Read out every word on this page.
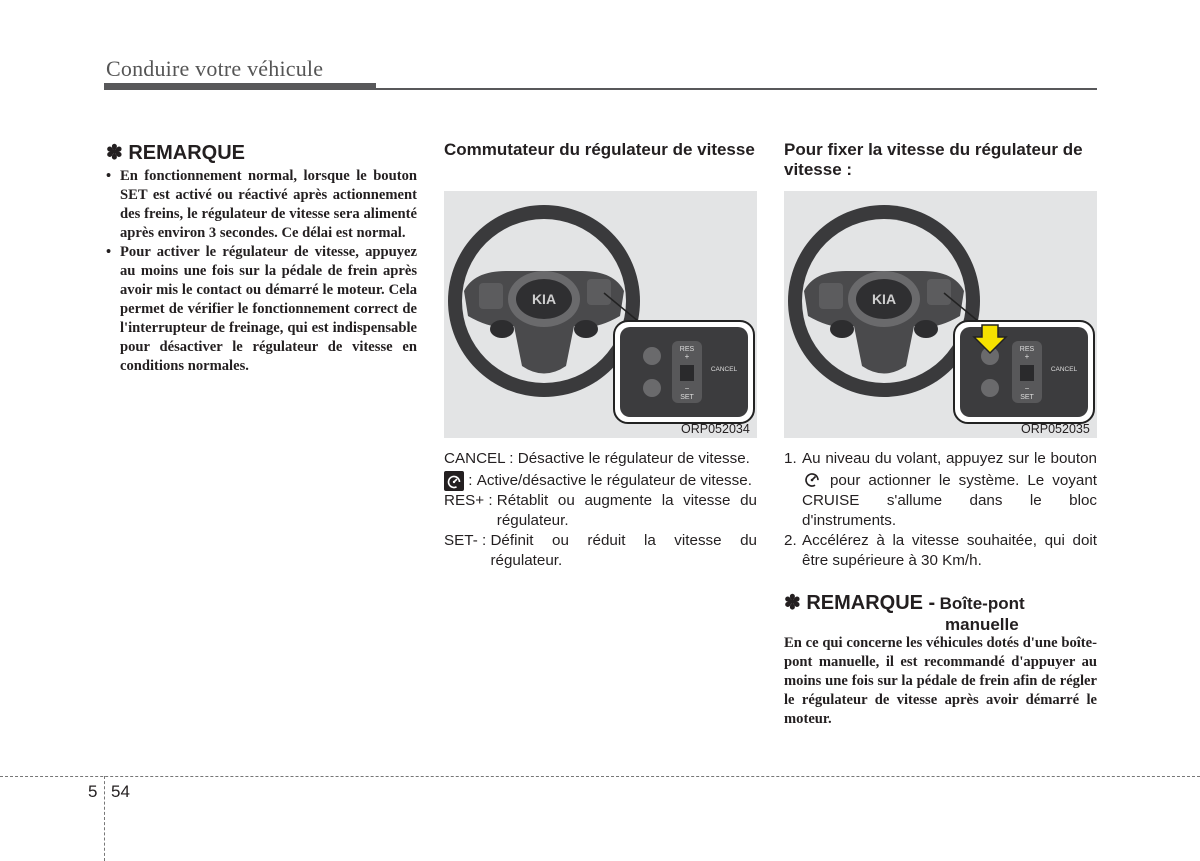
Conduire votre véhicule
✽ REMARQUE
• En fonctionnement normal, lorsque le bouton SET est activé ou réactivé après actionnement des freins, le régulateur de vitesse sera alimenté après environ 3 secondes. Ce délai est normal.
• Pour activer le régulateur de vitesse, appuyez au moins une fois sur la pédale de frein après avoir mis le contact ou démarré le moteur. Cela permet de vérifier le fonctionnement correct de l'interrupteur de freinage, qui est indispensable pour désactiver le régulateur de vitesse en conditions normales.
Commutateur du régulateur de vitesse
KIA
RES
+
−
SET
CANCEL
ORP052034
CANCEL :
Désactive le régulateur de vitesse.
:
Active/désactive le régulateur de vitesse.
RES+ :
Rétablit ou augmente la vitesse du régulateur.
SET- :
Définit ou réduit la vitesse du régulateur.
Pour fixer la vitesse du régulateur de vitesse :
KIA
RES
+
−
SET
CANCEL
ORP052035
1. Au niveau du volant, appuyez sur le bouton  pour actionner le système. Le voyant CRUISE s'allume dans le bloc d'instruments.
2. Accélérez à la vitesse souhaitée, qui doit être supérieure à 30 Km/h.
✽ REMARQUE - Boîte-pont
manuelle
En ce qui concerne les véhicules dotés d'une boîte-pont manuelle, il est recommandé d'appuyer au moins une fois sur la pédale de frein afin de régler le régulateur de vitesse après avoir démarré le moteur.
5 54
